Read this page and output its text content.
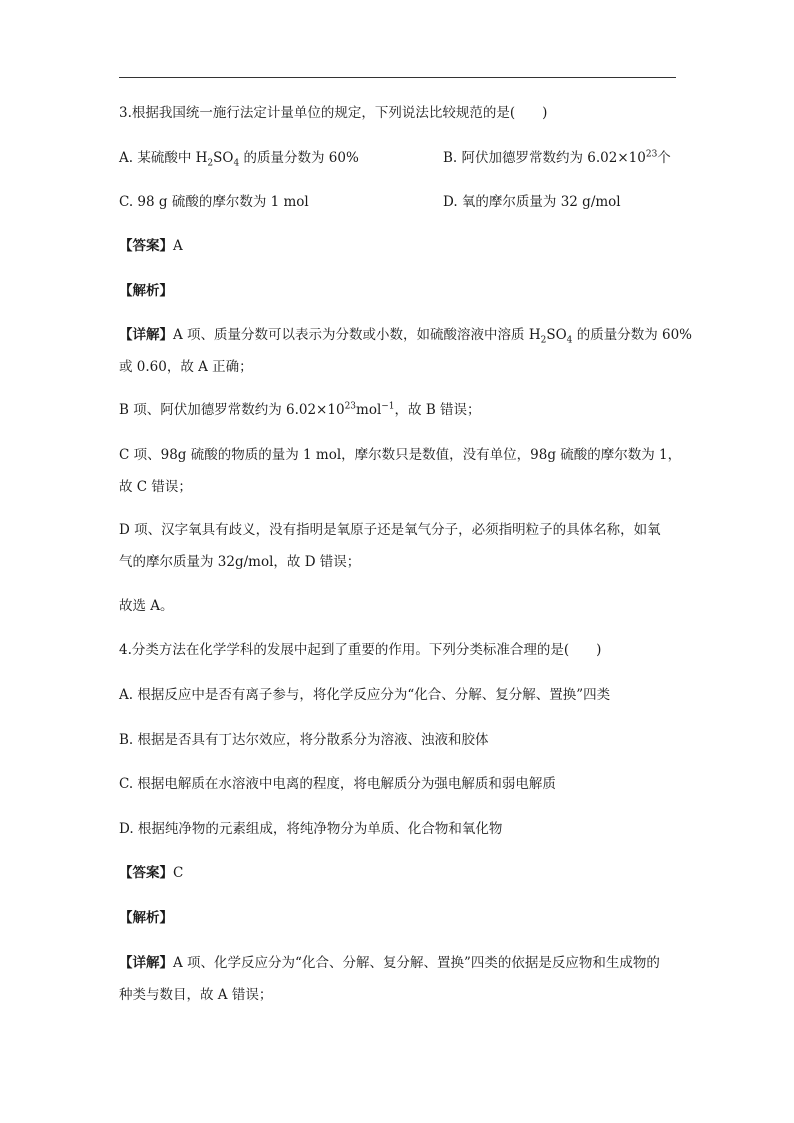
3.根据我国统一施行法定计量单位的规定，下列说法比较规范的是(　　)
A. 某硫酸中 $H_2SO_4$ 的质量分数为 60%	B. 阿伏加德罗常数约为 $6.02\times 10^{23}$个
C. 98 g 硫酸的摩尔数为 1 mol	D. 氧的摩尔质量为 32 g/mol
【答案】A
【解析】
【详解】A 项、质量分数可以表示为分数或小数，如硫酸溶液中溶质 $H_2SO_4$ 的质量分数为 60%
或 0.60，故 A 正确；
B 项、阿伏加德罗常数约为 $6.02\times 10^{23}mol^{-1}$，故 B 错误；
C 项、98g 硫酸的物质的量为 1 mol，摩尔数只是数值，没有单位，98g 硫酸的摩尔数为 1，
故 C 错误；
D 项、汉字氧具有歧义，没有指明是氧原子还是氧气分子，必须指明粒子的具体名称，如氧
气的摩尔质量为 32g/mol，故 D 错误；
故选 A。
4.分类方法在化学学科的发展中起到了重要的作用。下列分类标准合理的是(　　)
A. 根据反应中是否有离子参与，将化学反应分为“化合、分解、复分解、置换”四类
B. 根据是否具有丁达尔效应，将分散系分为溶液、浊液和胶体
C. 根据电解质在水溶液中电离的程度，将电解质分为强电解质和弱电解质
D. 根据纯净物的元素组成，将纯净物分为单质、化合物和氧化物
【答案】C
【解析】
【详解】A 项、化学反应分为“化合、分解、复分解、置换”四类的依据是反应物和生成物的
种类与数目，故 A 错误；
